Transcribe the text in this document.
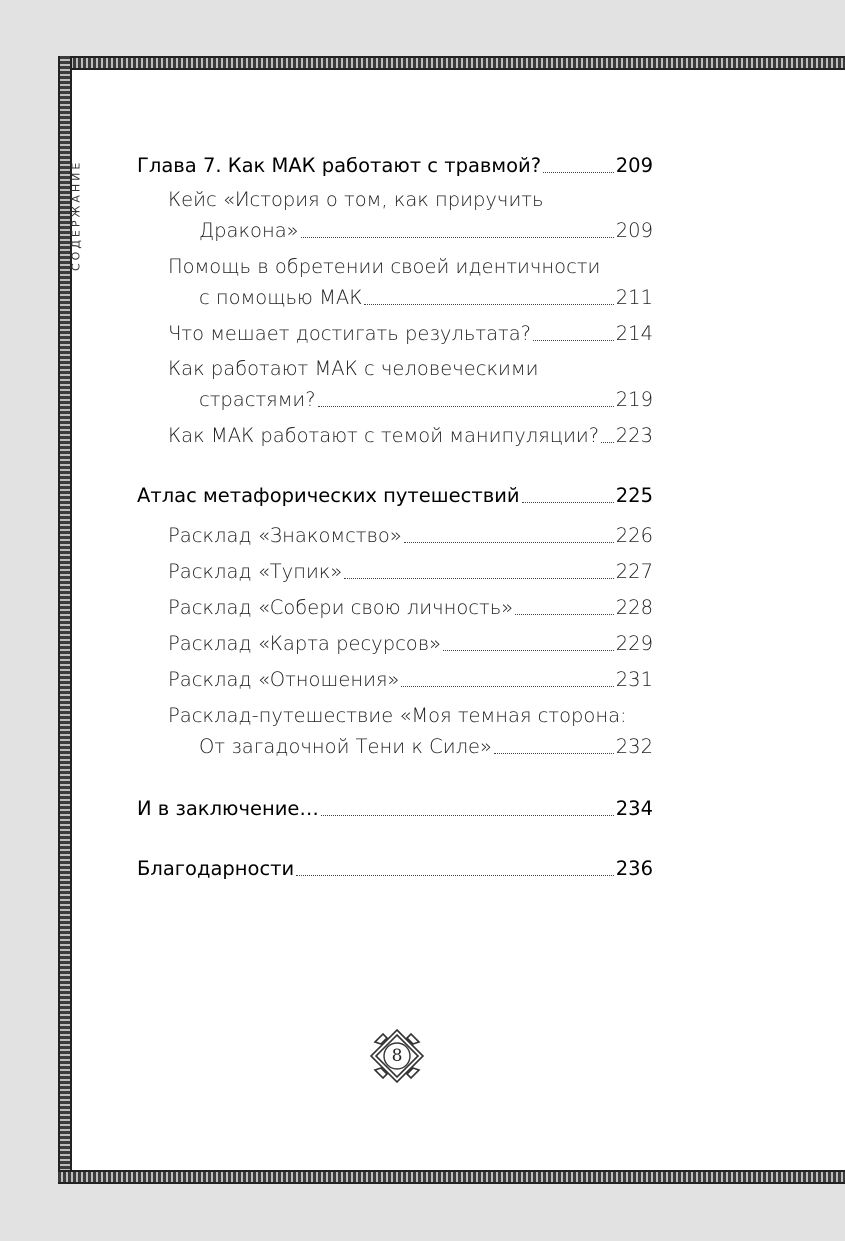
СОДЕРЖАНИЕ	Глава 7. Как МАК работают с травмой?	209
Кейс «История о том, как приручить
Дракона»	209
Помощь в обретении своей идентичности
с помощью МАК	211
Что мешает достигать результата?	214
Как работают МАК с человеческими
страстями?	219
Как МАК работают с темой манипуляции? 223
Атлас метафорических путешествий	225
Расклад «Знакомство»	226
Расклад «Тупик»	227
Расклад «Собери свою личность»	228
Расклад «Карта ресурсов»	229
Расклад «Отношения»	231
Расклад-путешествие «Моя темная сторона:
От загадочной Тени к Силе»	232
И в заключение…	234
Благодарности	236
8
